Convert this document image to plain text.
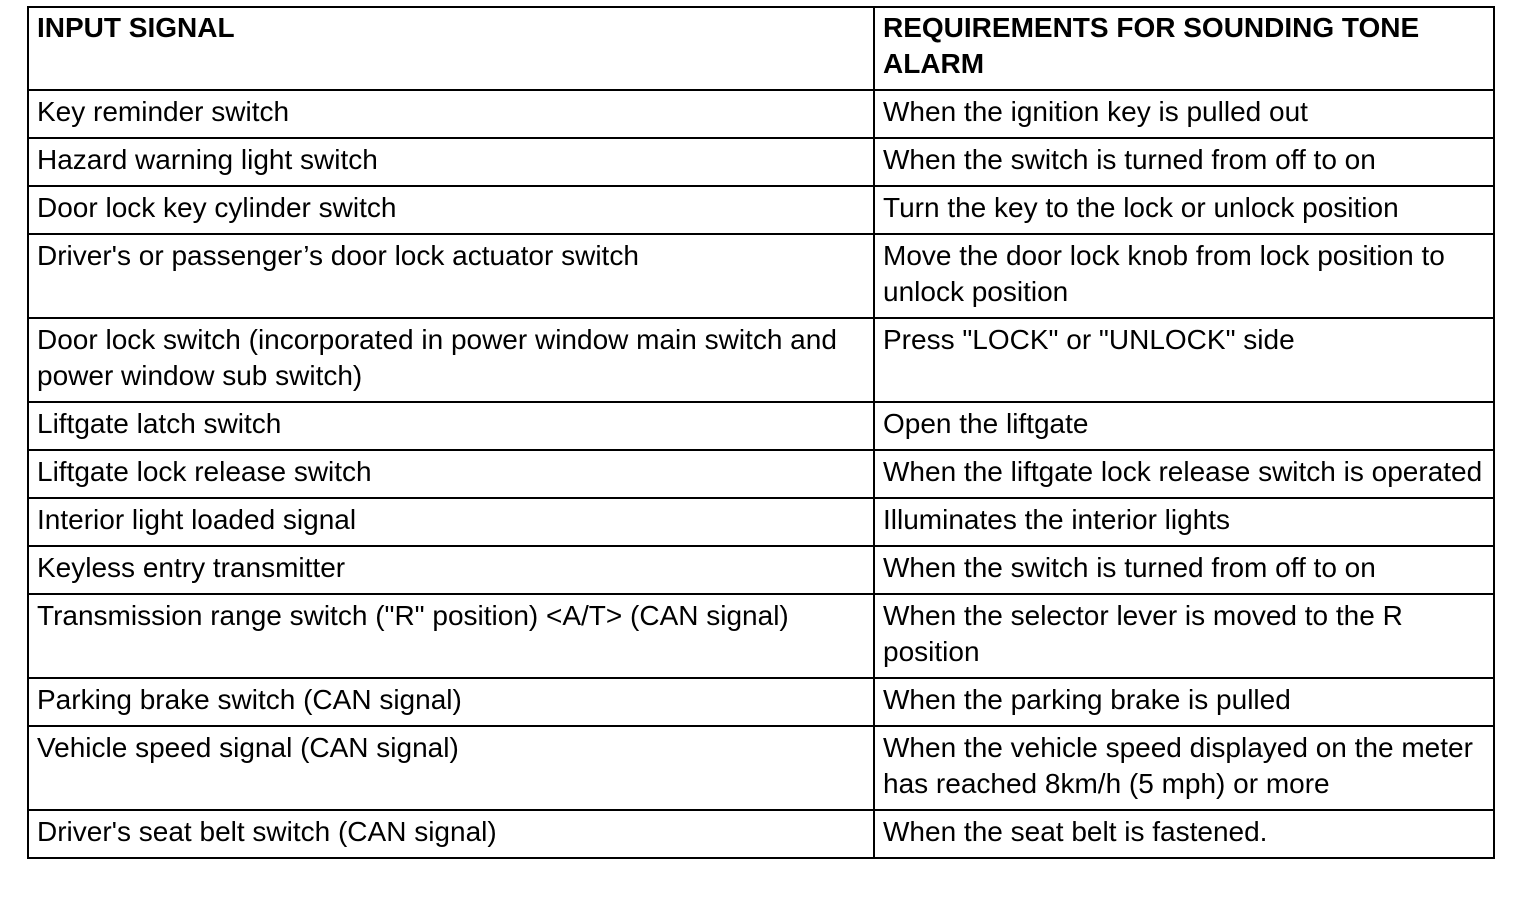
INPUT SIGNAL	REQUIREMENTS FOR SOUNDING TONE ALARM
Key reminder switch	When the ignition key is pulled out
Hazard warning light switch	When the switch is turned from off to on
Door lock key cylinder switch	Turn the key to the lock or unlock position
Driver's or passenger’s door lock actuator switch	Move the door lock knob from lock position to unlock position
Door lock switch (incorporated in power window main switch and power window sub switch)	Press "LOCK" or "UNLOCK" side
Liftgate latch switch	Open the liftgate
Liftgate lock release switch	When the liftgate lock release switch is operated
Interior light loaded signal	Illuminates the interior lights
Keyless entry transmitter	When the switch is turned from off to on
Transmission range switch ("R" position) <A/T> (CAN signal)	When the selector lever is moved to the R position
Parking brake switch (CAN signal)	When the parking brake is pulled
Vehicle speed signal (CAN signal)	When the vehicle speed displayed on the meter has reached 8km/h (5 mph) or more
Driver's seat belt switch (CAN signal)	When the seat belt is fastened.
